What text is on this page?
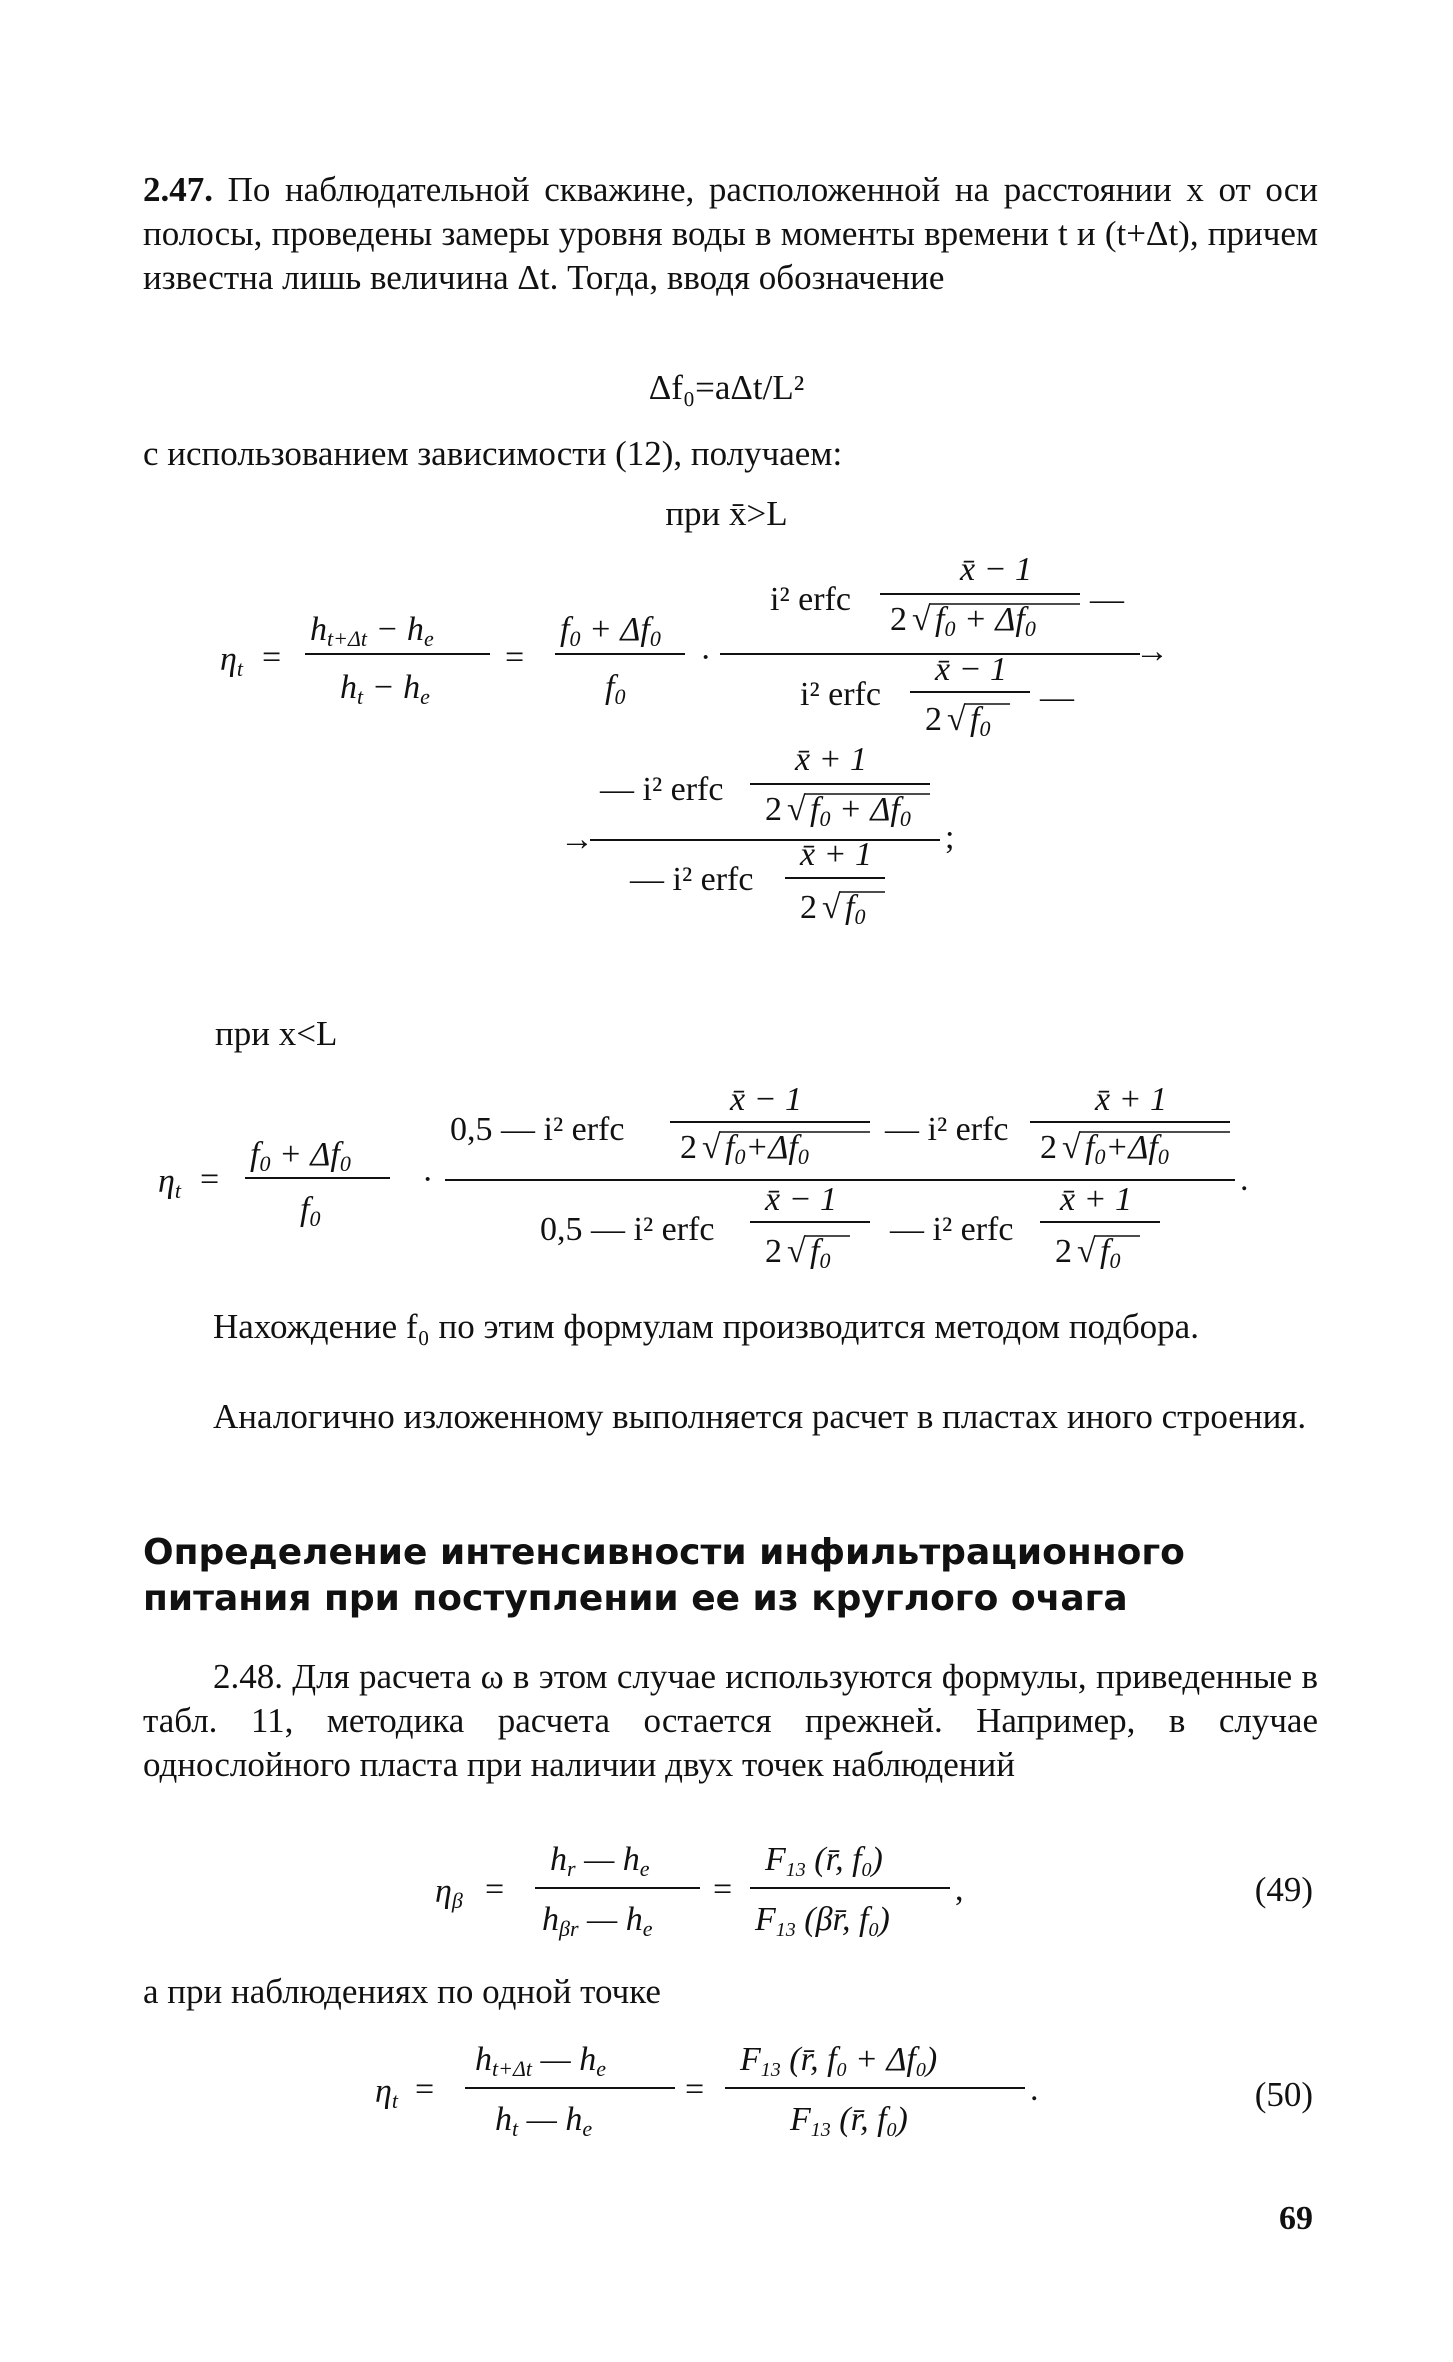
2.47. По наблюдательной скважине, расположенной на расстоянии x от оси полосы, проведены замеры уровня воды в моменты времени t и (t+Δt), причем известна лишь величина Δt. Тогда, вводя обозначение
Δf₀=aΔt/L²
с использованием зависимости (12), получаем:
при x̄>L
ηt =
ht+Δt − he
ht − he
=
f0 + Δf0
f0
·
i² erfc
x̄ − 1
2 √ f0 + Δf0
—
→
i² erfc
x̄ − 1
2 √ f0
—
→
— i² erfc
x̄ + 1
2 √ f0 + Δf0
;
— i² erfc
x̄ + 1
2 √ f0
при x<L
ηt =
f0 + Δf0
f0
·
0,5 — i² erfc
x̄ − 1
2 √ f0+Δf0
— i² erfc
x̄ + 1
2 √ f0+Δf0
.
0,5 — i² erfc
x̄ − 1
2 √ f0
— i² erfc
x̄ + 1
2 √ f0
Нахождение f₀ по этим формулам производится методом подбора.
Аналогично изложенному выполняется расчет в пластах иного строения.
Определение интенсивности инфильтрационного
питания при поступлении ее из круглого очага
2.48. Для расчета ω в этом случае используются формулы, приведенные в табл. 11, методика расчета остается прежней. Например, в случае однослойного пласта при наличии двух точек наблюдений
ηβ =
hr — he
hβr — he
=
F13 (r̄, f0)
F13 (βr̄, f0)
,	(49)
а при наблюдениях по одной точке
ηt =
ht+Δt — he
ht — he
=
F13 (r̄, f0 + Δf0)
F13 (r̄, f0)
.	(50)
69
